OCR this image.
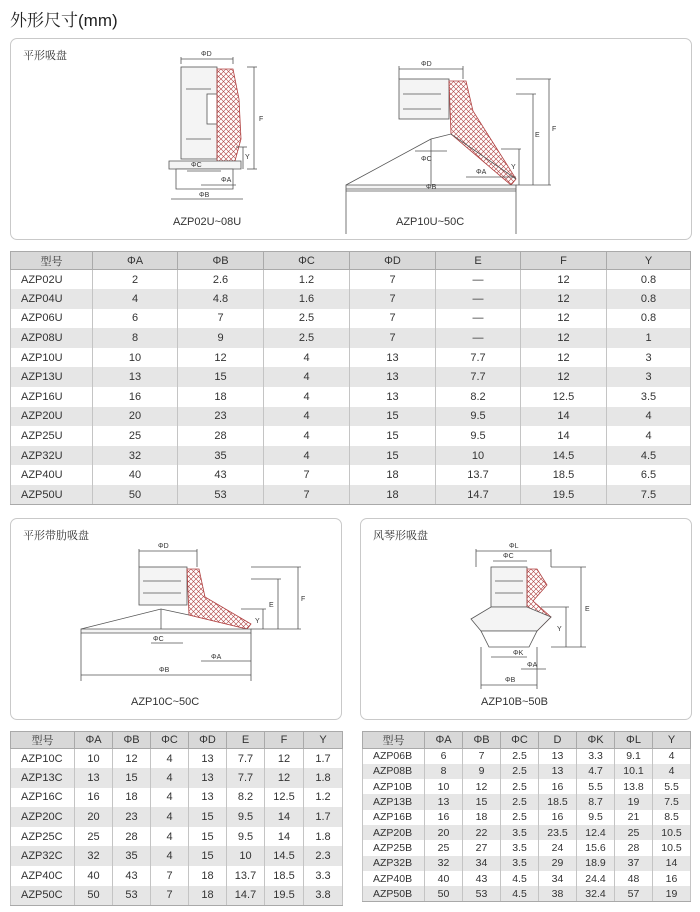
外形尺寸(mm)
平形吸盘	ΦD
F
Y
ΦC
ΦA
ΦB
ΦD
F
E
Y
ΦC
ΦA
ΦB
AZP02U~08U	AZP10U~50C
型号	ΦA	ΦB	ΦC	ΦD	E	F	Y
AZP02U	2	2.6	1.2	7	—	12	0.8
AZP04U	4	4.8	1.6	7	—	12	0.8
AZP06U	6	7	2.5	7	—	12	0.8
AZP08U	8	9	2.5	7	—	12	1
AZP10U	10	12	4	13	7.7	12	3
AZP13U	13	15	4	13	7.7	12	3
AZP16U	16	18	4	13	8.2	12.5	3.5
AZP20U	20	23	4	15	9.5	14	4
AZP25U	25	28	4	15	9.5	14	4
AZP32U	32	35	4	15	10	14.5	4.5
AZP40U	40	43	7	18	13.7	18.5	6.5
AZP50U	50	53	7	18	14.7	19.5	7.5
平形带肋吸盘
ΦD
F
E
Y
ΦC
ΦA
ΦB
AZP10C~50C
风琴形吸盘
ΦL
ΦC
E
Y
ΦK
ΦA
ΦB
AZP10B~50B
型号	ΦA	ΦB	ΦC	ΦD	E	F	Y
AZP10C	10	12	4	13	7.7	12	1.7
AZP13C	13	15	4	13	7.7	12	1.8
AZP16C	16	18	4	13	8.2	12.5	1.2
AZP20C	20	23	4	15	9.5	14	1.7
AZP25C	25	28	4	15	9.5	14	1.8
AZP32C	32	35	4	15	10	14.5	2.3
AZP40C	40	43	7	18	13.7	18.5	3.3
AZP50C	50	53	7	18	14.7	19.5	3.8
型号	ΦA	ΦB	ΦC	D	ΦK	ΦL	Y
AZP06B	6	7	2.5	13	3.3	9.1	4
AZP08B	8	9	2.5	13	4.7	10.1	4
AZP10B	10	12	2.5	16	5.5	13.8	5.5
AZP13B	13	15	2.5	18.5	8.7	19	7.5
AZP16B	16	18	2.5	16	9.5	21	8.5
AZP20B	20	22	3.5	23.5	12.4	25	10.5
AZP25B	25	27	3.5	24	15.6	28	10.5
AZP32B	32	34	3.5	29	18.9	37	14
AZP40B	40	43	4.5	34	24.4	48	16
AZP50B	50	53	4.5	38	32.4	57	19
